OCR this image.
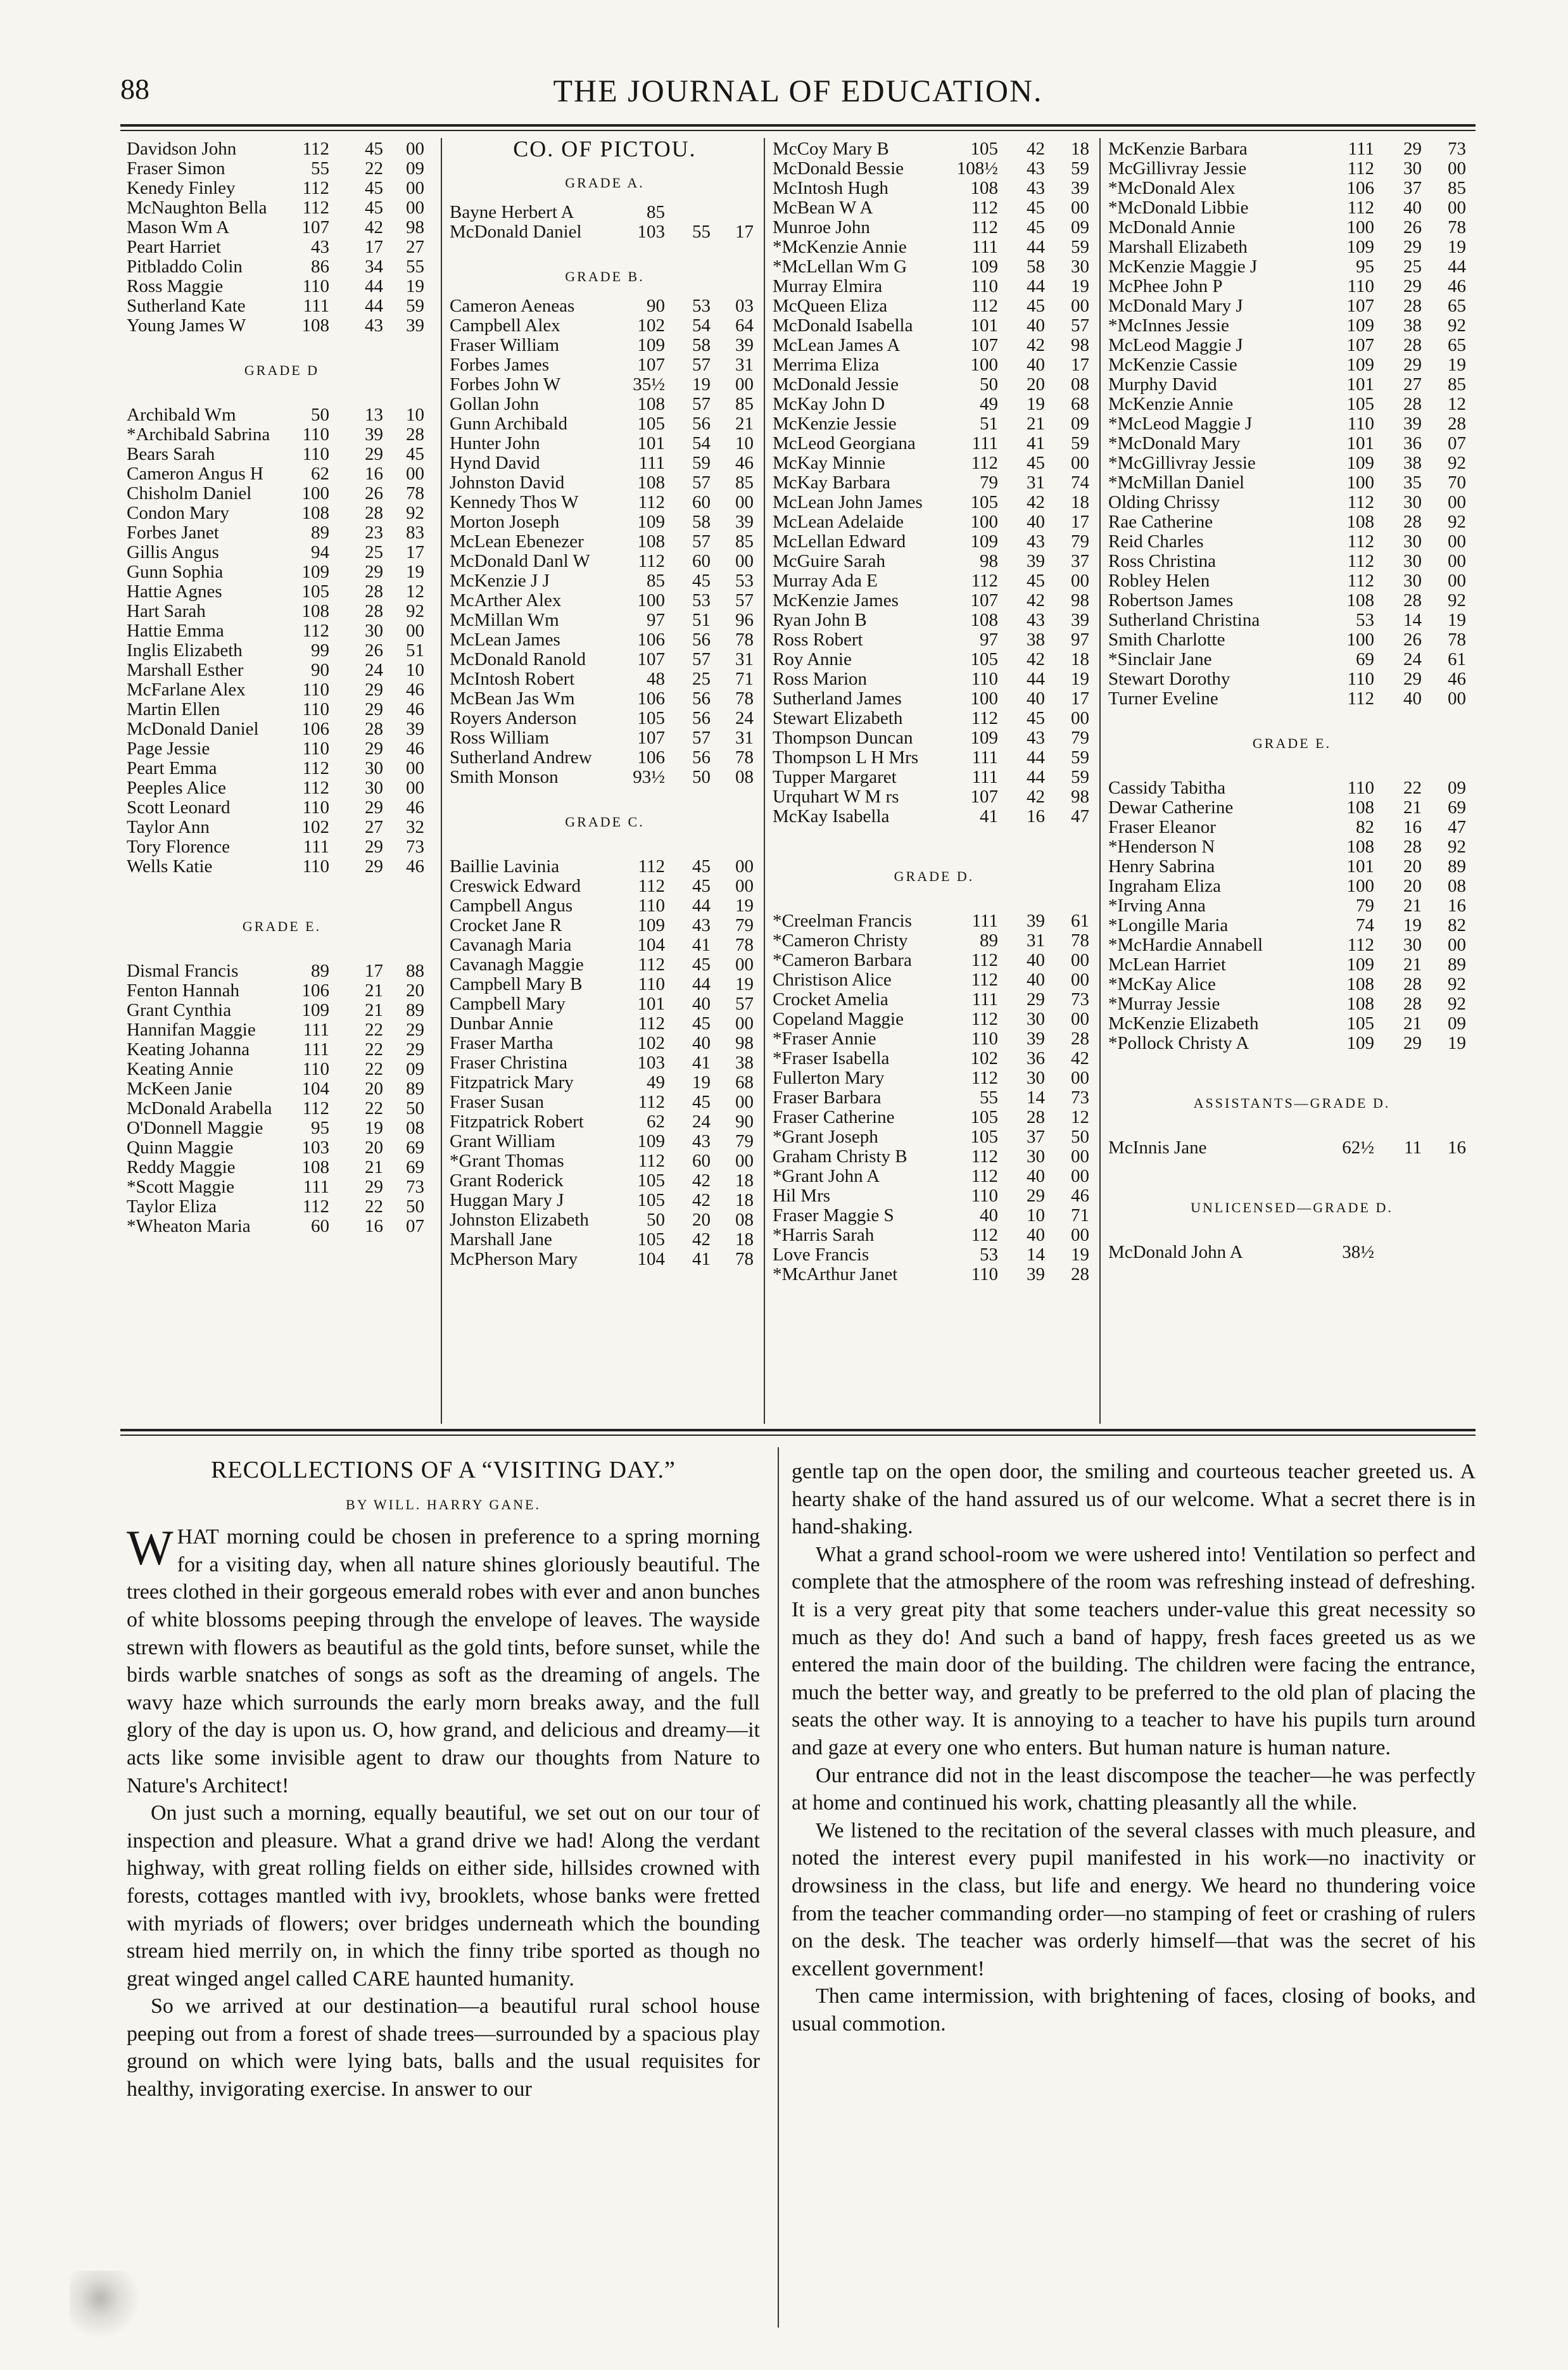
88	THE JOURNAL OF EDUCATION.
Davidson John	112	45	00
Fraser Simon	55	22	09
Kenedy Finley	112	45	00
McNaughton Bella	112	45	00
Mason Wm A	107	42	98
Peart Harriet	43	17	27
Pitbladdo Colin	86	34	55
Ross Maggie	110	44	19
Sutherland Kate	111	44	59
Young James W	108	43	39
GRADE D
Archibald Wm	50	13	10
*Archibald Sabrina	110	39	28
Bears Sarah	110	29	45
Cameron Angus H	62	16	00
Chisholm Daniel	100	26	78
Condon Mary	108	28	92
Forbes Janet	89	23	83
Gillis Angus	94	25	17
Gunn Sophia	109	29	19
Hattie Agnes	105	28	12
Hart Sarah	108	28	92
Hattie Emma	112	30	00
Inglis Elizabeth	99	26	51
Marshall Esther	90	24	10
McFarlane Alex	110	29	46
Martin Ellen	110	29	46
McDonald Daniel	106	28	39
Page Jessie	110	29	46
Peart Emma	112	30	00
Peeples Alice	112	30	00
Scott Leonard	110	29	46
Taylor Ann	102	27	32
Tory Florence	111	29	73
Wells Katie	110	29	46
GRADE E.
Dismal Francis	89	17	88
Fenton Hannah	106	21	20
Grant Cynthia	109	21	89
Hannifan Maggie	111	22	29
Keating Johanna	111	22	29
Keating Annie	110	22	09
McKeen Janie	104	20	89
McDonald Arabella	112	22	50
O'Donnell Maggie	95	19	08
Quinn Maggie	103	20	69
Reddy Maggie	108	21	69
*Scott Maggie	111	29	73
Taylor Eliza	112	22	50
*Wheaton Maria	60	16	07
CO. OF PICTOU.
GRADE A.
Bayne Herbert A	85
McDonald Daniel	103	55	17
GRADE B.
Cameron Aeneas	90	53	03
Campbell Alex	102	54	64
Fraser William	109	58	39
Forbes James	107	57	31
Forbes John W	35½	19	00
Gollan John	108	57	85
Gunn Archibald	105	56	21
Hunter John	101	54	10
Hynd David	111	59	46
Johnston David	108	57	85
Kennedy Thos W	112	60	00
Morton Joseph	109	58	39
McLean Ebenezer	108	57	85
McDonald Danl W	112	60	00
McKenzie J J	85	45	53
McArther Alex	100	53	57
McMillan Wm	97	51	96
McLean James	106	56	78
McDonald Ranold	107	57	31
McIntosh Robert	48	25	71
McBean Jas Wm	106	56	78
Royers Anderson	105	56	24
Ross William	107	57	31
Sutherland Andrew	106	56	78
Smith Monson	93½	50	08
GRADE C.
Baillie Lavinia	112	45	00
Creswick Edward	112	45	00
Campbell Angus	110	44	19
Crocket Jane R	109	43	79
Cavanagh Maria	104	41	78
Cavanagh Maggie	112	45	00
Campbell Mary B	110	44	19
Campbell Mary	101	40	57
Dunbar Annie	112	45	00
Fraser Martha	102	40	98
Fraser Christina	103	41	38
Fitzpatrick Mary	49	19	68
Fraser Susan	112	45	00
Fitzpatrick Robert	62	24	90
Grant William	109	43	79
*Grant Thomas	112	60	00
Grant Roderick	105	42	18
Huggan Mary J	105	42	18
Johnston Elizabeth	50	20	08
Marshall Jane	105	42	18
McPherson Mary	104	41	78
McCoy Mary B	105	42	18
McDonald Bessie	108½	43	59
McIntosh Hugh	108	43	39
McBean W A	112	45	00
Munroe John	112	45	09
*McKenzie Annie	111	44	59
*McLellan Wm G	109	58	30
Murray Elmira	110	44	19
McQueen Eliza	112	45	00
McDonald Isabella	101	40	57
McLean James A	107	42	98
Merrima Eliza	100	40	17
McDonald Jessie	50	20	08
McKay John D	49	19	68
McKenzie Jessie	51	21	09
McLeod Georgiana	111	41	59
McKay Minnie	112	45	00
McKay Barbara	79	31	74
McLean John James	105	42	18
McLean Adelaide	100	40	17
McLellan Edward	109	43	79
McGuire Sarah	98	39	37
Murray Ada E	112	45	00
McKenzie James	107	42	98
Ryan John B	108	43	39
Ross Robert	97	38	97
Roy Annie	105	42	18
Ross Marion	110	44	19
Sutherland James	100	40	17
Stewart Elizabeth	112	45	00
Thompson Duncan	109	43	79
Thompson L H Mrs	111	44	59
Tupper Margaret	111	44	59
Urquhart W M rs	107	42	98
McKay Isabella	41	16	47
GRADE D.
*Creelman Francis	111	39	61
*Cameron Christy	89	31	78
*Cameron Barbara	112	40	00
Christison Alice	112	40	00
Crocket Amelia	111	29	73
Copeland Maggie	112	30	00
*Fraser Annie	110	39	28
*Fraser Isabella	102	36	42
Fullerton Mary	112	30	00
Fraser Barbara	55	14	73
Fraser Catherine	105	28	12
*Grant Joseph	105	37	50
Graham Christy B	112	30	00
*Grant John A	112	40	00
Hil Mrs	110	29	46
Fraser Maggie S	40	10	71
*Harris Sarah	112	40	00
Love Francis	53	14	19
*McArthur Janet	110	39	28
McKenzie Barbara	111	29	73
McGillivray Jessie	112	30	00
*McDonald Alex	106	37	85
*McDonald Libbie	112	40	00
McDonald Annie	100	26	78
Marshall Elizabeth	109	29	19
McKenzie Maggie J	95	25	44
McPhee John P	110	29	46
McDonald Mary J	107	28	65
*McInnes Jessie	109	38	92
McLeod Maggie J	107	28	65
McKenzie Cassie	109	29	19
Murphy David	101	27	85
McKenzie Annie	105	28	12
*McLeod Maggie J	110	39	28
*McDonald Mary	101	36	07
*McGillivray Jessie	109	38	92
*McMillan Daniel	100	35	70
Olding Chrissy	112	30	00
Rae Catherine	108	28	92
Reid Charles	112	30	00
Ross Christina	112	30	00
Robley Helen	112	30	00
Robertson James	108	28	92
Sutherland Christina	53	14	19
Smith Charlotte	100	26	78
*Sinclair Jane	69	24	61
Stewart Dorothy	110	29	46
Turner Eveline	112	40	00
GRADE E.
Cassidy Tabitha	110	22	09
Dewar Catherine	108	21	69
Fraser Eleanor	82	16	47
*Henderson N	108	28	92
Henry Sabrina	101	20	89
Ingraham Eliza	100	20	08
*Irving Anna	79	21	16
*Longille Maria	74	19	82
*McHardie Annabell	112	30	00
McLean Harriet	109	21	89
*McKay Alice	108	28	92
*Murray Jessie	108	28	92
McKenzie Elizabeth	105	21	09
*Pollock Christy A	109	29	19
ASSISTANTS—GRADE D.
McInnis Jane	62½	11	16
UNLICENSED—GRADE D.
McDonald John A	38½
RECOLLECTIONS OF A “VISITING DAY.”
BY WILL. HARRY GANE.

WHAT morning could be chosen in preference to a spring morning for a visiting day, when all nature shines gloriously beautiful. The trees clothed in their gorgeous emerald robes with ever and anon bunches of white blossoms peeping through the envelope of leaves. The wayside strewn with flowers as beautiful as the gold tints, before sunset, while the birds warble snatches of songs as soft as the dreaming of angels. The wavy haze which surrounds the early morn breaks away, and the full glory of the day is upon us. O, how grand, and delicious and dreamy—it acts like some invisible agent to draw our thoughts from Nature to Nature's Architect!

On just such a morning, equally beautiful, we set out on our tour of inspection and pleasure. What a grand drive we had! Along the verdant highway, with great rolling fields on either side, hillsides crowned with forests, cottages mantled with ivy, brooklets, whose banks were fretted with myriads of flowers; over bridges underneath which the bounding stream hied merrily on, in which the finny tribe sported as though no great winged angel called CARE haunted humanity.

So we arrived at our destination—a beautiful rural school house peeping out from a forest of shade trees—surrounded by a spacious play ground on which were lying bats, balls and the usual requisites for healthy, invigorating exercise. In answer to our

gentle tap on the open door, the smiling and courteous teacher greeted us. A hearty shake of the hand assured us of our welcome. What a secret there is in hand-shaking.

What a grand school-room we were ushered into! Ventilation so perfect and complete that the atmosphere of the room was refreshing instead of defreshing. It is a very great pity that some teachers under-value this great necessity so much as they do! And such a band of happy, fresh faces greeted us as we entered the main door of the building. The children were facing the entrance, much the better way, and greatly to be preferred to the old plan of placing the seats the other way. It is annoying to a teacher to have his pupils turn around and gaze at every one who enters. But human nature is human nature.

Our entrance did not in the least discompose the teacher—he was perfectly at home and continued his work, chatting pleasantly all the while.

We listened to the recitation of the several classes with much pleasure, and noted the interest every pupil manifested in his work—no inactivity or drowsiness in the class, but life and energy. We heard no thundering voice from the teacher commanding order—no stamping of feet or crashing of rulers on the desk. The teacher was orderly himself—that was the secret of his excellent government!

Then came intermission, with brightening of faces, closing of books, and usual commotion.
